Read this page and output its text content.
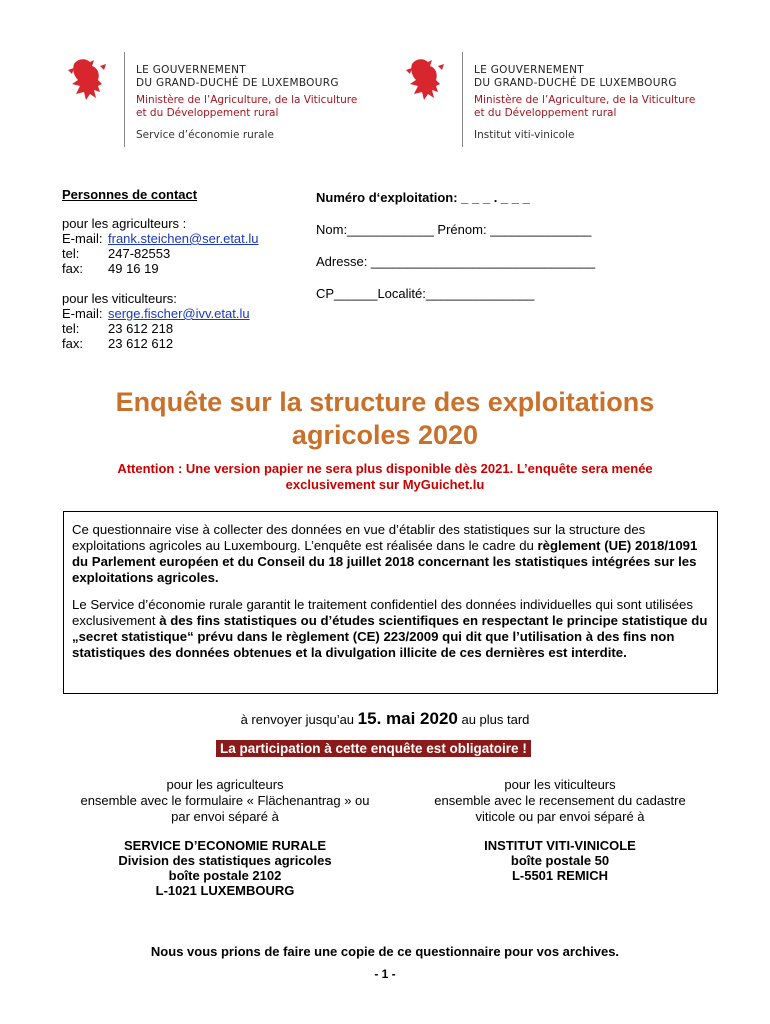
LE GOUVERNEMENT
DU GRAND-DUCHÉ DE LUXEMBOURG
Ministère de l’Agriculture, de la Viticulture
et du Développement rural
Service d’économie rurale
LE GOUVERNEMENT
DU GRAND-DUCHÉ DE LUXEMBOURG
Ministère de l’Agriculture, de la Viticulture
et du Développement rural
Institut viti-vinicole
Personnes de contact
pour les agriculteurs :
E-mail: frank.steichen@ser.etat.lu
tel: 247-82553
fax: 49 16 19
pour les viticulteurs:
E-mail: serge.fischer@ivv.etat.lu
tel: 23 612 218
fax: 23 612 612
Numéro d‘exploitation: _ _ _ . _ _ _
Nom:____________ Prénom: ______________
Adresse: _______________________________
CP______Localité:_______________
Enquête sur la structure des exploitations
agricoles 2020
Attention : Une version papier ne sera plus disponible dès 2021. L’enquête sera menée
exclusivement sur MyGuichet.lu

Ce questionnaire vise à collecter des données en vue d’établir des statistiques sur la structure des exploitations agricoles au Luxembourg. L’enquête est réalisée dans le cadre du règlement (UE) 2018/1091 du Parlement européen et du Conseil du 18 juillet 2018 concernant les statistiques intégrées sur les exploitations agricoles.

Le Service d’économie rurale garantit le traitement confidentiel des données individuelles qui sont utilisées exclusivement à des fins statistiques ou d’études scientifiques en respectant le principe statistique du „secret statistique“ prévu dans le règlement (CE) 223/2009 qui dit que l’utilisation à des fins non statistiques des données obtenues et la divulgation illicite de ces dernières est interdite.

à renvoyer jusqu’au 15. mai 2020 au plus tard
La participation à cette enquête est obligatoire !
pour les agriculteurs
ensemble avec le formulaire « Flächenantrag » ou
par envoi séparé à
pour les viticulteurs
ensemble avec le recensement du cadastre
viticole ou par envoi séparé à
SERVICE D’ECONOMIE RURALE
Division des statistiques agricoles
boîte postale 2102
L-1021 LUXEMBOURG
INSTITUT VITI-VINICOLE
boîte postale 50
L-5501 REMICH
Nous vous prions de faire une copie de ce questionnaire pour vos archives.
- 1 -
